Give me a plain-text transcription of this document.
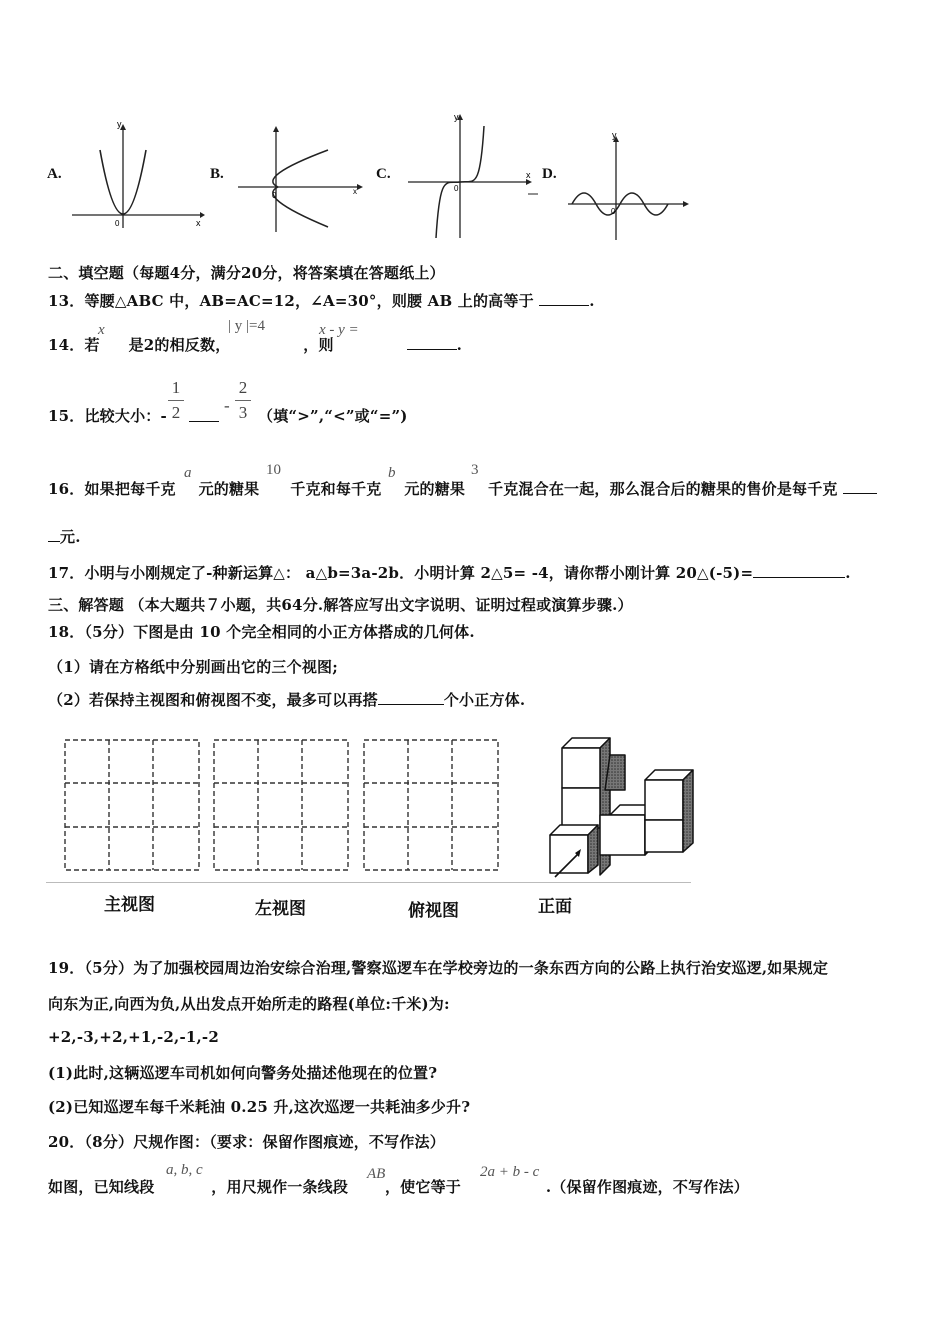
A.
y
x
0
B.
0	x
C.
y
x
0
D.
y
0
二、填空题（每题4分，满分20分，将答案填在答题纸上）
13．等腰△ABC 中，AB=AC=12，∠A=30°，则腰 AB 上的高等于	.
14．若 是2的相反数，	，则	.
x	| y |=4	x - y =
15．比较大小：-
1
2	-
2
3 （填“>”,“<”或“=”)
16．如果把每千克 元的糖果 千克和每千克 元的糖果 千克混合在一起，那么混合后的糖果的售价是每千克
a	10	b	3
元.
17．小明与小刚规定了-种新运算△： a△b=3a-2b．小明计算 2△5= -4，请你帮小刚计算 20△(-5)=	.
三、解答题 （本大题共７小题，共64分.解答应写出文字说明、证明过程或演算步骤.）
18．（5分）下图是由 10 个完全相同的小正方体搭成的几何体.
（1）请在方格纸中分别画出它的三个视图;
（2）若保持主视图和俯视图不变，最多可以再搭	个小正方体.
主视图	左视图	俯视图	正面
19．（5分）为了加强校园周边治安综合治理,警察巡逻车在学校旁边的一条东西方向的公路上执行治安巡逻,如果规定
向东为正,向西为负,从出发点开始所走的路程(单位:千米)为:
+2,-3,+2,+1,-2,-1,-2
(1)此时,这辆巡逻车司机如何向警务处描述他现在的位置?
(2)已知巡逻车每千米耗油 0.25 升,这次巡逻一共耗油多少升?
20．（8分）尺规作图：（要求：保留作图痕迹，不写作法）
如图，已知线段	，用尺规作一条线段 ，使它等于	.（保留作图痕迹，不写作法）
a, b, c	AB	2a + b - c
